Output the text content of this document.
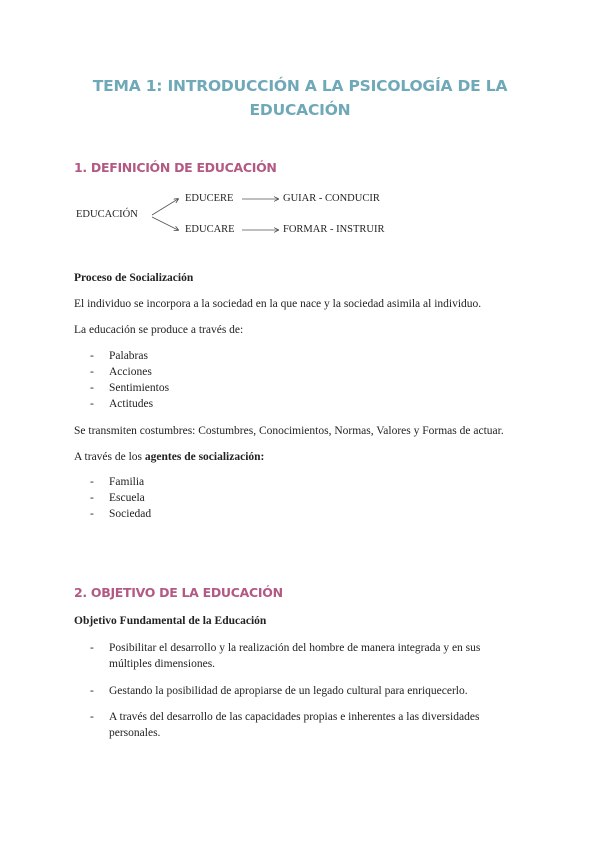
TEMA 1: INTRODUCCIÓN A LA PSICOLOGÍA DE LA
EDUCACIÓN
1. DEFINICIÓN DE EDUCACIÓN
EDUCACIÓN
EDUCERE	GUIAR - CONDUCIR
EDUCARE	FORMAR - INSTRUIR
Proceso de Socialización
El individuo se incorpora a la sociedad en la que nace y la sociedad asimila al individuo.
La educación se produce a través de:
- Palabras
- Acciones
- Sentimientos
- Actitudes
Se transmiten costumbres: Costumbres, Conocimientos, Normas, Valores y Formas de actuar.
A través de los agentes de socialización:
- Familia
- Escuela
- Sociedad
2. OBJETIVO DE LA EDUCACIÓN
Objetivo Fundamental de la Educación
- Posibilitar el desarrollo y la realización del hombre de manera integrada y en sus múltiples dimensiones.
- Gestando la posibilidad de apropiarse de un legado cultural para enriquecerlo.
- A través del desarrollo de las capacidades propias e inherentes a las diversidades personales.
